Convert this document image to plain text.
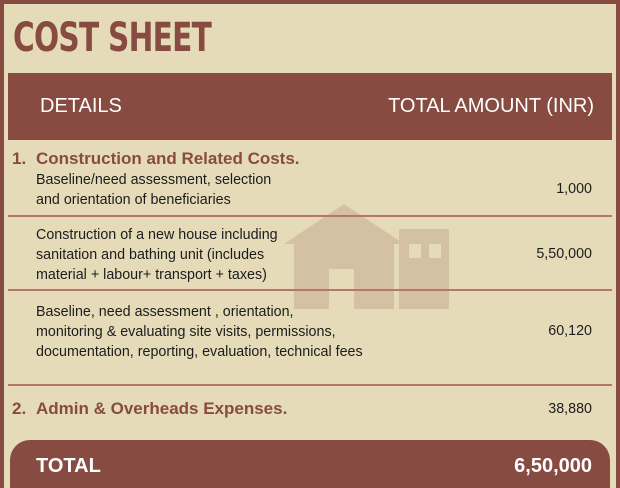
COST SHEET
DETAILS	TOTAL AMOUNT (INR)
1. Construction and Related Costs.
Baseline/need assessment, selection
and orientation of beneficiaries
1,000
Construction of a new house including
sanitation and bathing unit (includes
material + labour+ transport + taxes)
5,50,000
Baseline, need assessment , orientation,
monitoring & evaluating site visits, permissions,
documentation, reporting, evaluation, technical fees
60,120
2. Admin & Overheads Expenses.	38,880
TOTAL	6,50,000
